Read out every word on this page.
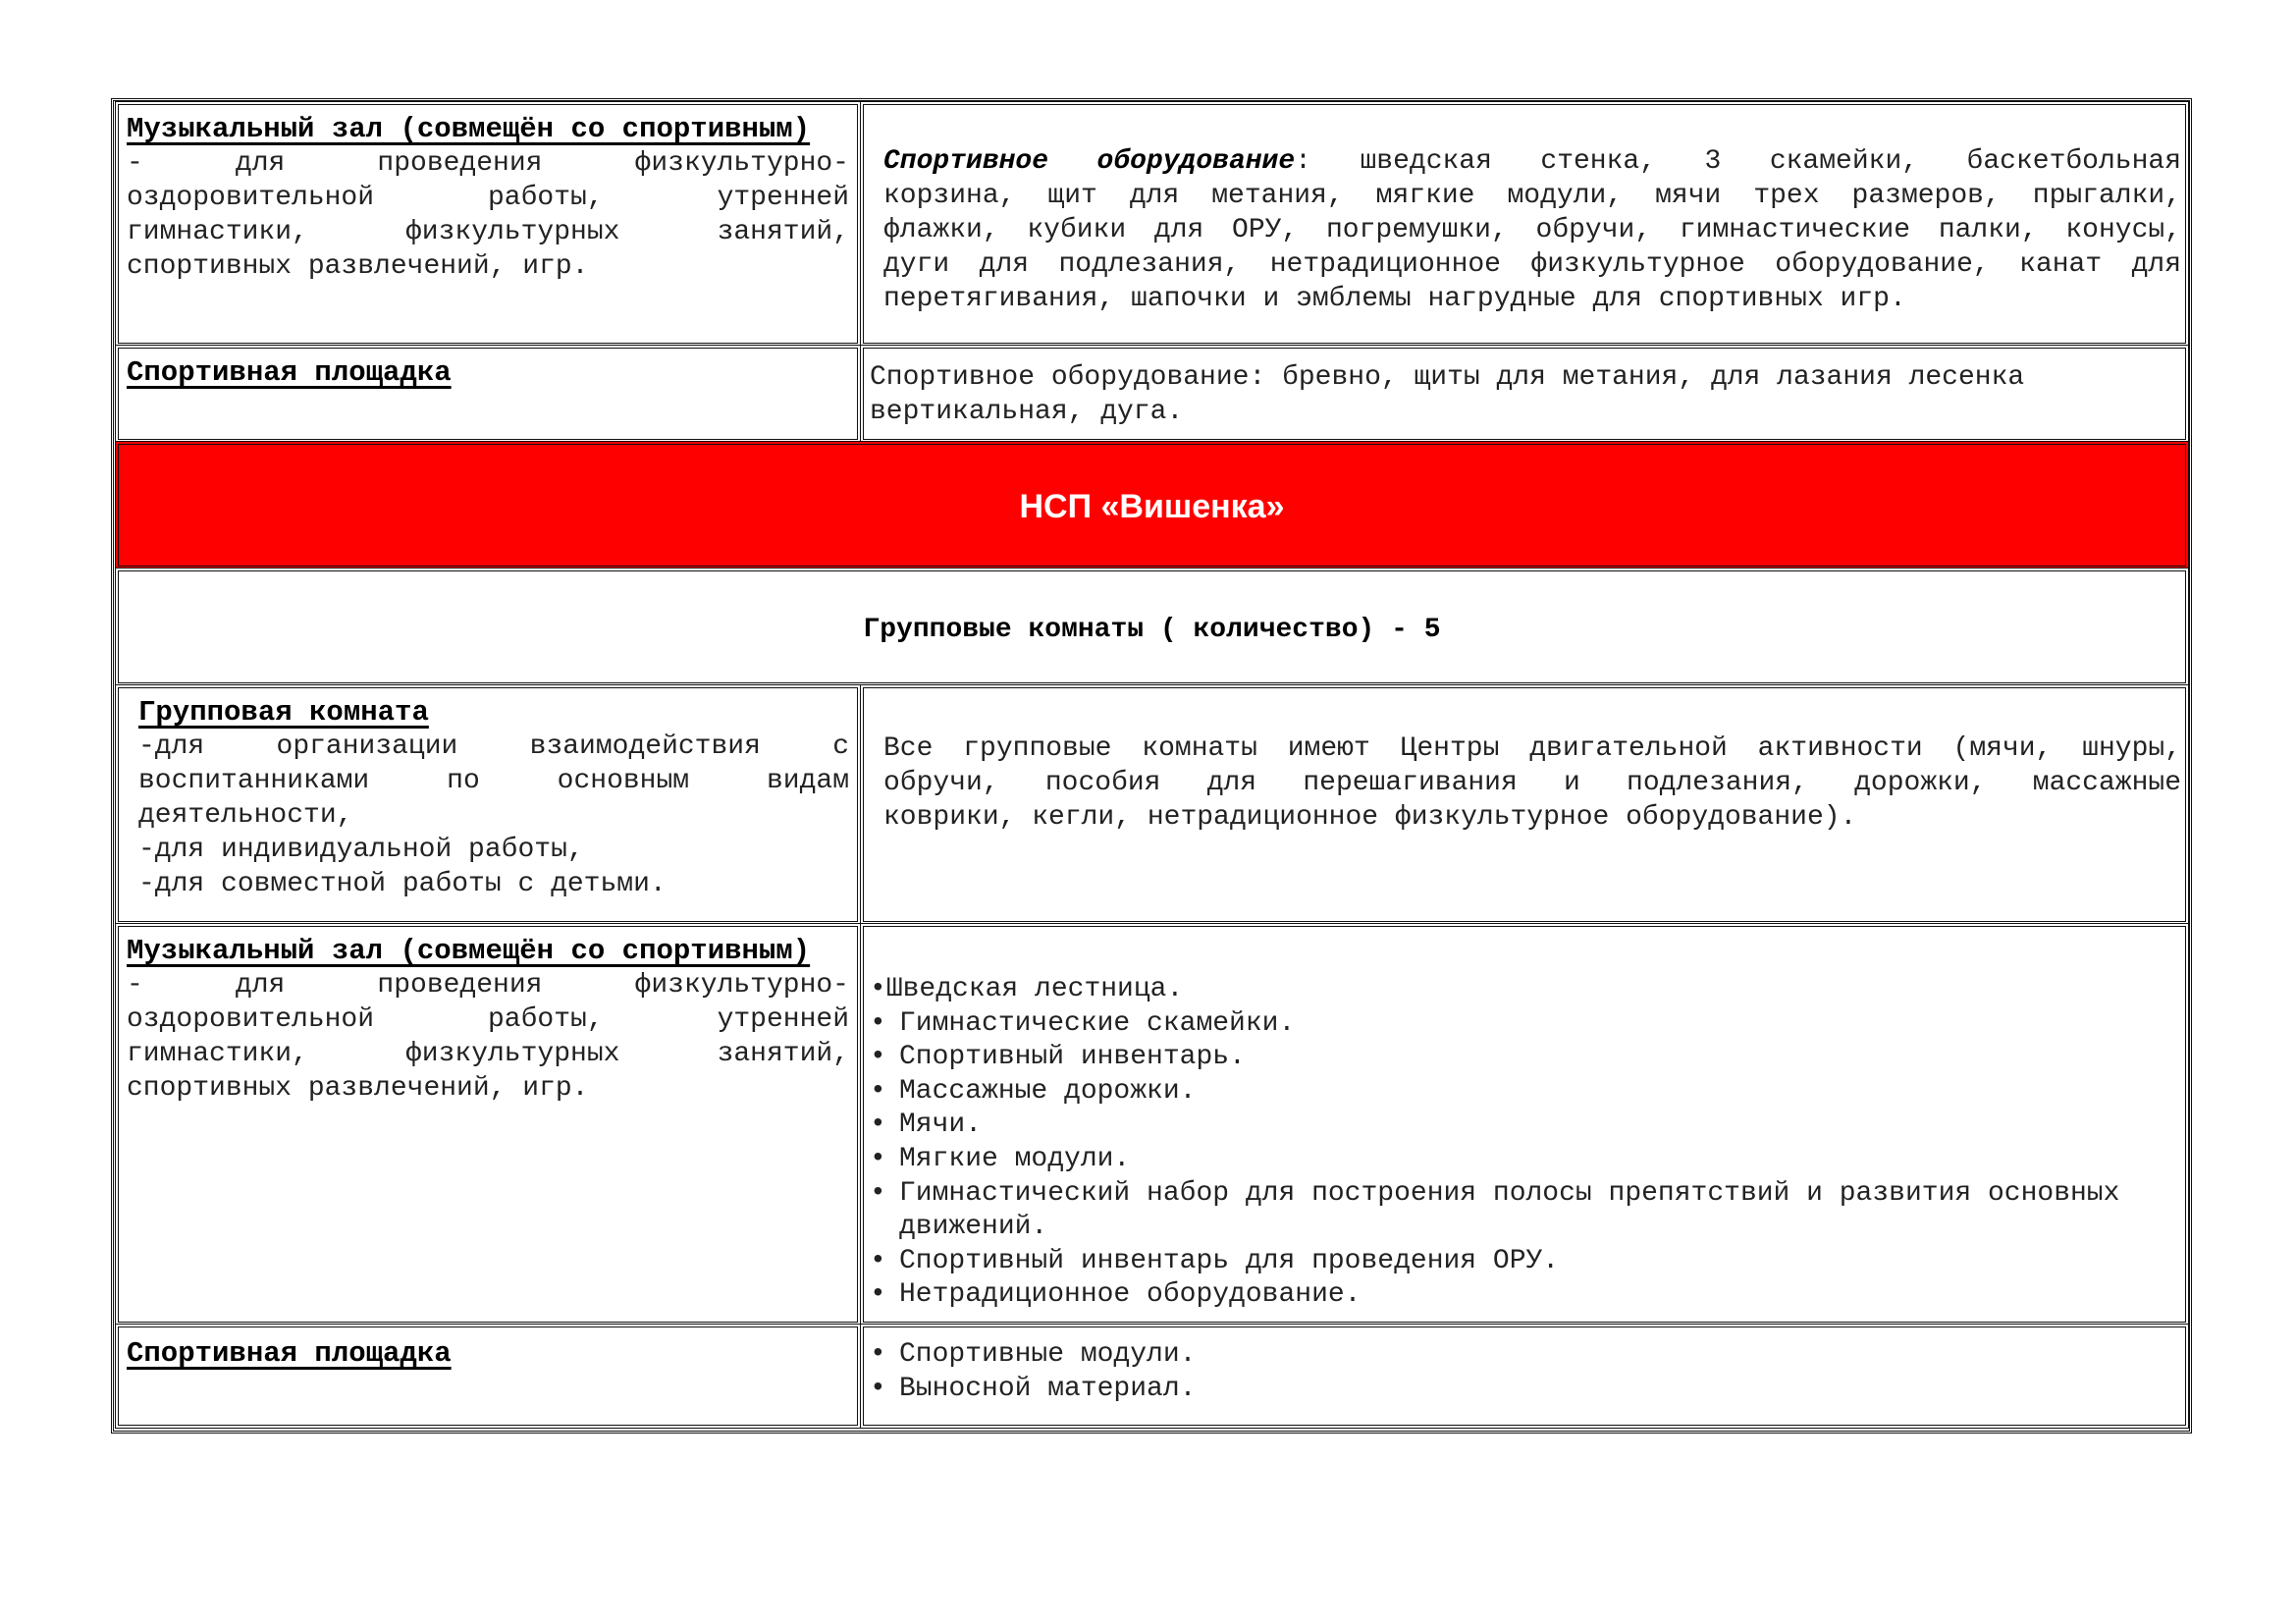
Музыкальный зал (совмещён со спортивным)
- для проведения физкультурно-
оздоровительной работы, утренней
гимнастики, физкультурных занятий,
спортивных развлечений, игр.
Спортивное оборудование: шведская стенка, 3 скамейки, баскетбольная
корзина, щит для метания, мягкие модули, мячи трех размеров, прыгалки,
флажки, кубики для ОРУ, погремушки, обручи, гимнастические палки, конусы,
дуги для подлезания, нетрадиционное физкультурное оборудование, канат для
перетягивания, шапочки и эмблемы нагрудные для спортивных игр.
Спортивная площадка	Спортивное оборудование: бревно, щиты для метания, для лазания лесенка
вертикальная, дуга.
НСП «Вишенка»
Групповые комнаты ( количество) - 5
Групповая комната
-для организации взаимодействия с
воспитанниками по основным видам
деятельности,
-для индивидуальной работы,
-для совместной работы с детьми.
Все групповые комнаты имеют Центры двигательной активности (мячи, шнуры,
обручи, пособия для перешагивания и подлезания, дорожки, массажные
коврики, кегли, нетрадиционное физкультурное оборудование).
Музыкальный зал (совмещён со спортивным)
- для проведения физкультурно-
оздоровительной работы, утренней
гимнастики, физкультурных занятий,
спортивных развлечений, игр.
•Шведская лестница.
• Гимнастические скамейки.
• Спортивный инвентарь.
• Массажные дорожки.
• Мячи.
• Мягкие модули.
• Гимнастический набор для построения полосы препятствий и развития основных движений.
• Спортивный инвентарь для проведения ОРУ.
• Нетрадиционное оборудование.
Спортивная площадка	• Спортивные модули.
• Выносной материал.
